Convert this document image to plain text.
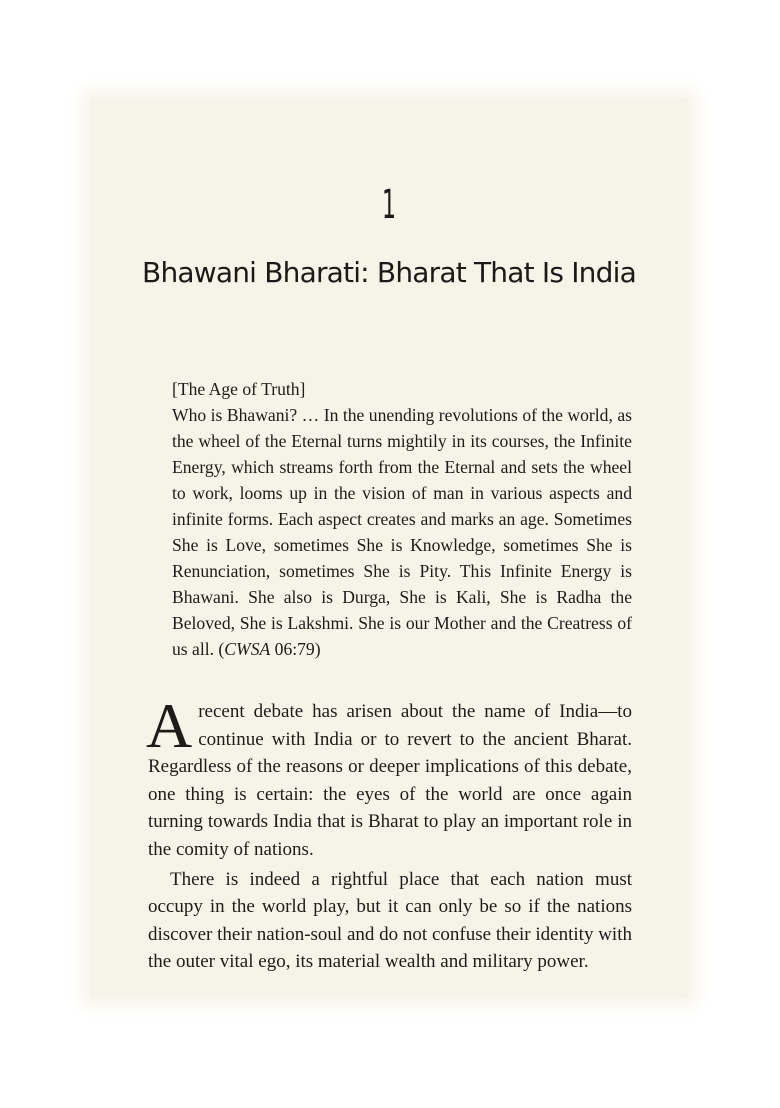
1
Bhawani Bharati: Bharat That Is India
[The Age of Truth]
Who is Bhawani? … In the unending revolutions of the world, as the wheel of the Eternal turns mightily in its courses, the Infinite Energy, which streams forth from the Eternal and sets the wheel to work, looms up in the vision of man in various aspects and infinite forms. Each aspect creates and marks an age. Sometimes She is Love, sometimes She is Knowledge, sometimes She is Renunciation, sometimes She is Pity. This Infinite Energy is Bhawani. She also is Durga, She is Kali, She is Radha the Beloved, She is Lakshmi. She is our Mother and the Creatress of us all. (CWSA 06:79)

Arecent debate has arisen about the name of India—to continue with India or to revert to the ancient Bharat. Regardless of the reasons or deeper implications of this debate, one thing is certain: the eyes of the world are once again turning towards India that is Bharat to play an important role in the comity of nations.

There is indeed a rightful place that each nation must occupy in the world play, but it can only be so if the nations discover their nation-soul and do not confuse their identity with the outer vital ego, its material wealth and military power.
